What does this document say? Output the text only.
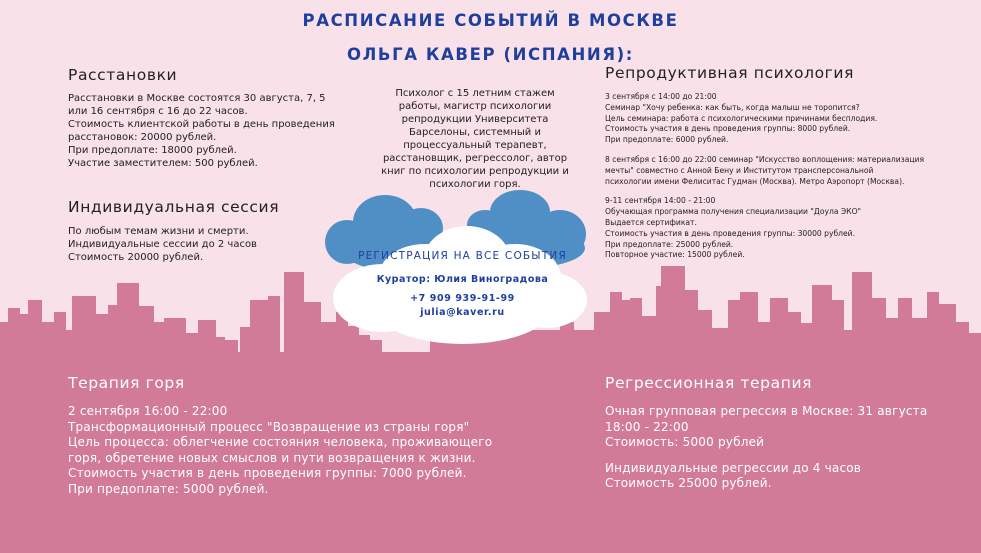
РАСПИСАНИЕ СОБЫТИЙ В МОСКВЕ
ОЛЬГА КАВЕР (ИСПАНИЯ):
Психолог с 15 летним стажем
работы, магистр психологии
репродукции Университета
Барселоны, системный и
процессуальный терапевт,
расстановщик, регрессолог, автор
книг по психологии репродукции и
психологии горя.
Расстановки
Расстановки в Москве состоятся 30 августа, 7, 5
или 16 сентября с 16 до 22 часов.
Стоимость клиентской работы в день проведения
расстановок: 20000 рублей.
При предоплате: 18000 рублей.
Участие заместителем: 500 рублей.
Индивидуальная сессия
По любым темам жизни и смерти.
Индивидуальные сессии до 2 часов
Стоимость 20000 рублей.
Репродуктивная психология
3 сентября с 14:00 до 21:00
Семинар "Хочу ребенка: как быть, когда малыш не торопится?
Цель семинара: работа с психологическими причинами бесплодия.
Стоимость участия в день проведения группы: 8000 рублей.
При предоплате: 6000 рублей.
8 сентября с 16:00 до 22:00 семинар "Искусство воплощения: материализация
мечты" совместно с Анной Бену и Институтом трансперсональной
психологии имени Фелиситас Гудман (Москва). Метро Аэропорт (Москва).
9-11 сентября 14:00 - 21:00
Обучающая программа получения специализации "Доула ЭКО"
Выдается сертификат.
Стоимость участия в день проведения группы: 30000 рублей.
При предоплате: 25000 рублей.
Повторное участие: 15000 рублей.
РЕГИСТРАЦИЯ НА ВСЕ СОБЫТИЯ
Куратор: Юлия Виноградова
+7 909 939-91-99
julia@kaver.ru
Терапия горя
2 сентября 16:00 - 22:00
Трансформационный процесс "Возвращение из страны горя"
Цель процесса: облегчение состояния человека, проживающего
горя, обретение новых смыслов и пути возвращения к жизни.
Стоимость участия в день проведения группы: 7000 рублей.
При предоплате: 5000 рублей.
Регрессионная терапия
Очная групповая регрессия в Москве: 31 августа
18:00 - 22:00
Стоимость: 5000 рублей
Индивидуальные регрессии до 4 часов
Стоимость 25000 рублей.
